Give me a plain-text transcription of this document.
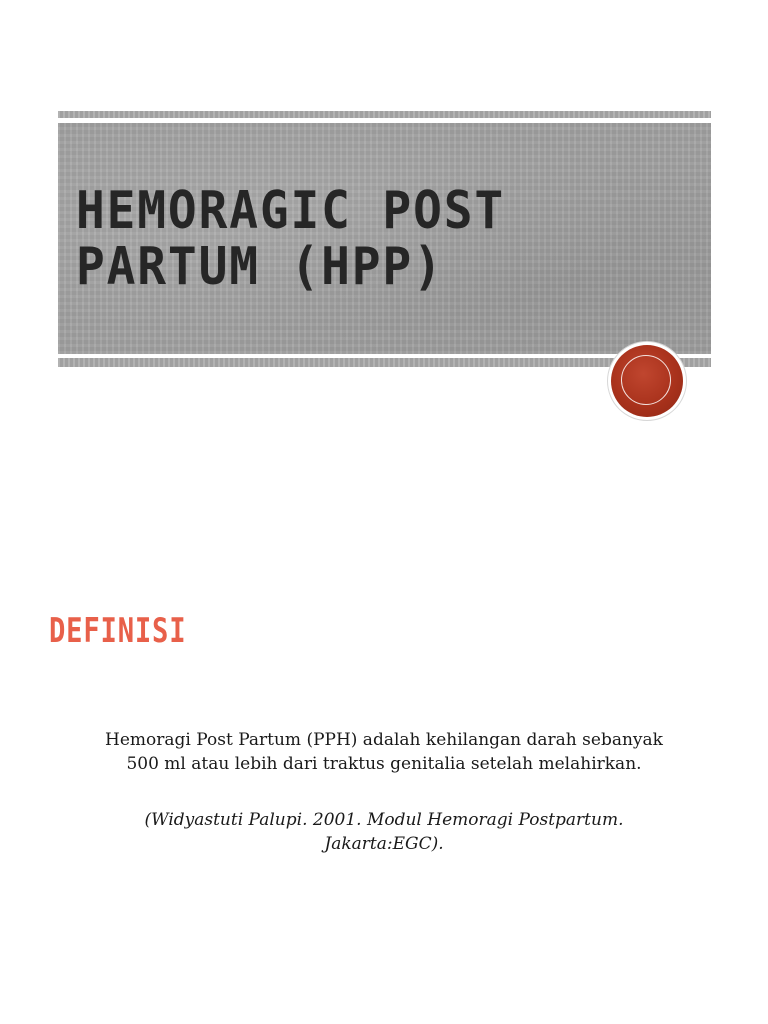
HEMORAGIC POST PARTUM (HPP)
DEFINISI

Hemoragi Post Partum (PPH) adalah kehilangan darah sebanyak 500 ml atau lebih dari traktus genitalia setelah melahirkan.

(Widyastuti Palupi. 2001. Modul Hemoragi Postpartum. Jakarta:EGC).
